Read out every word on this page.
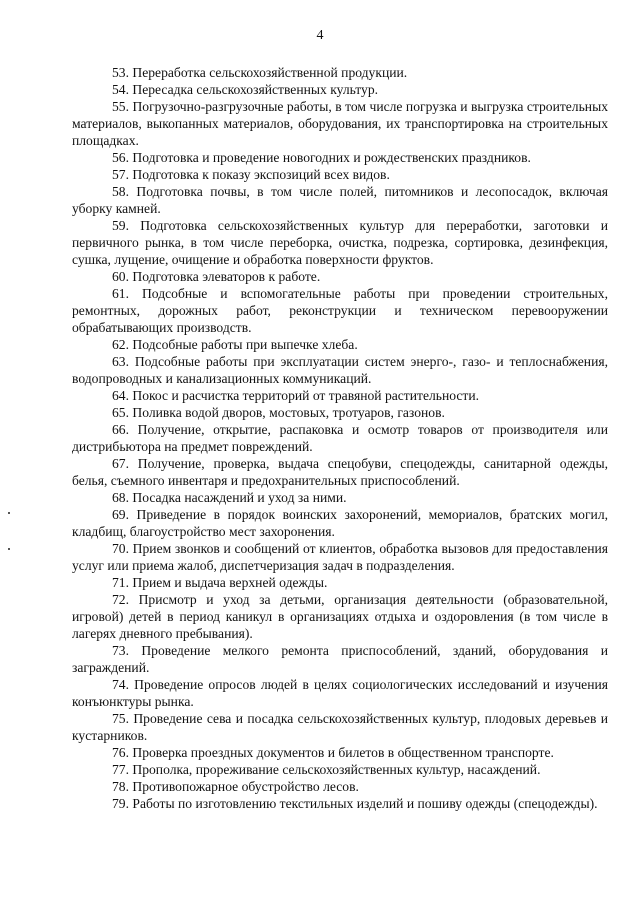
4

53. Переработка сельскохозяйственной продукции.

54. Пересадка сельскохозяйственных культур.

55. Погрузочно-разгрузочные работы, в том числе погрузка и выгрузка строительных материалов, выкопанных материалов, оборудования, их транспортировка на строительных площадках.

56. Подготовка и проведение новогодних и рождественских праздников.

57. Подготовка к показу экспозиций всех видов.

58. Подготовка почвы, в том числе полей, питомников и лесопосадок, включая уборку камней.

59. Подготовка сельскохозяйственных культур для переработки, заготовки и первичного рынка, в том числе переборка, очистка, подрезка, сортировка, дезинфекция, сушка, лущение, очищение и обработка поверхности фруктов.

60. Подготовка элеваторов к работе.

61. Подсобные и вспомогательные работы при проведении строительных, ремонтных, дорожных работ, реконструкции и техническом перевооружении обрабатывающих производств.

62. Подсобные работы при выпечке хлеба.

63. Подсобные работы при эксплуатации систем энерго-, газо- и теплоснабжения, водопроводных и канализационных коммуникаций.

64. Покос и расчистка территорий от травяной растительности.

65. Поливка водой дворов, мостовых, тротуаров, газонов.

66. Получение, открытие, распаковка и осмотр товаров от производителя или дистрибьютора на предмет повреждений.

67. Получение, проверка, выдача спецобуви, спецодежды, санитарной одежды, белья, съемного инвентаря и предохранительных приспособлений.

68. Посадка насаждений и уход за ними.

69. Приведение в порядок воинских захоронений, мемориалов, братских могил, кладбищ, благоустройство мест захоронения.

70. Прием звонков и сообщений от клиентов, обработка вызовов для предоставления услуг или приема жалоб, диспетчеризация задач в подразделения.

71. Прием и выдача верхней одежды.

72. Присмотр и уход за детьми, организация деятельности (образовательной, игровой) детей в период каникул в организациях отдыха и оздоровления (в том числе в лагерях дневного пребывания).

73. Проведение мелкого ремонта приспособлений, зданий, оборудования и заграждений.

74. Проведение опросов людей в целях социологических исследований и изучения конъюнктуры рынка.

75. Проведение сева и посадка сельскохозяйственных культур, плодовых деревьев и кустарников.

76. Проверка проездных документов и билетов в общественном транспорте.

77. Прополка, прореживание сельскохозяйственных культур, насаждений.

78. Противопожарное обустройство лесов.

79. Работы по изготовлению текстильных изделий и пошиву одежды (спецодежды).
